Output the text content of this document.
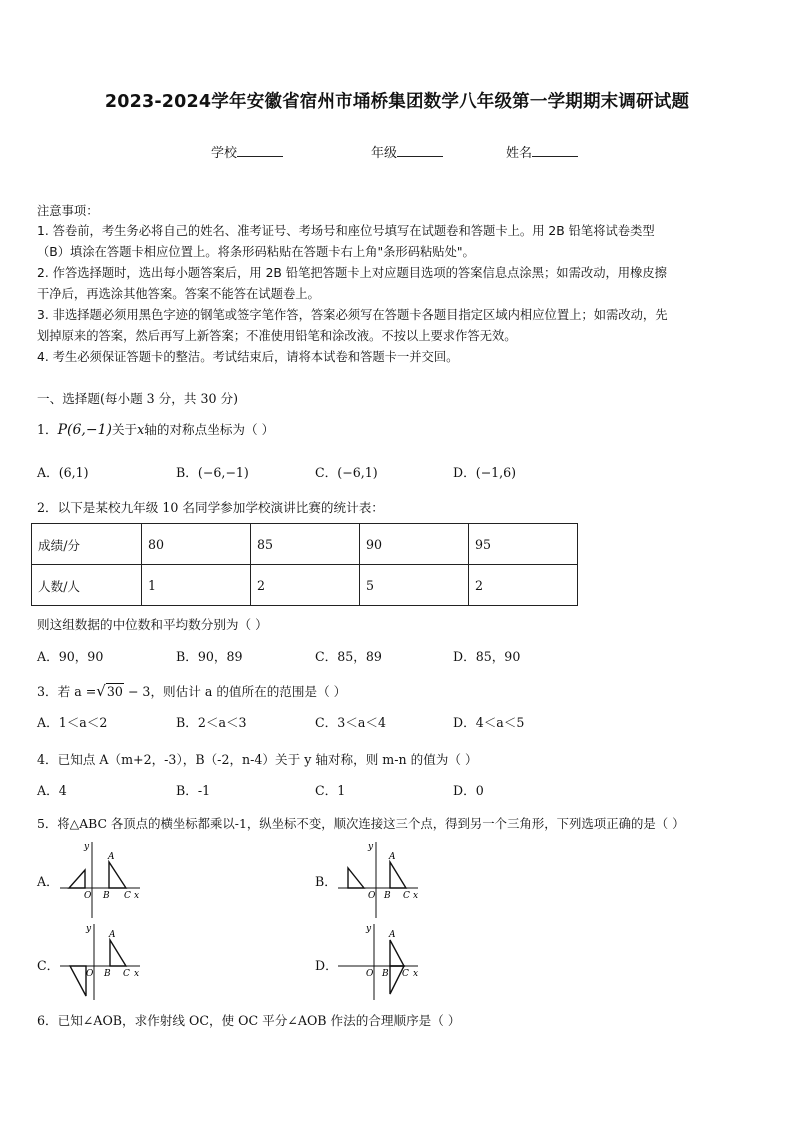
2023-2024学年安徽省宿州市埇桥集团数学八年级第一学期期末调研试题
学校	年级	姓名
注意事项：
1. 答卷前，考生务必将自己的姓名、准考证号、考场号和座位号填写在试题卷和答题卡上。用 2B 铅笔将试卷类型
（B）填涂在答题卡相应位置上。将条形码粘贴在答题卡右上角"条形码粘贴处"。
2. 作答选择题时，选出每小题答案后，用 2B 铅笔把答题卡上对应题目选项的答案信息点涂黑；如需改动，用橡皮擦
干净后，再选涂其他答案。答案不能答在试题卷上。
3. 非选择题必须用黑色字迹的钢笔或签字笔作答，答案必须写在答题卡各题目指定区域内相应位置上；如需改动，先
划掉原来的答案，然后再写上新答案；不准使用铅笔和涂改液。不按以上要求作答无效。
4. 考生必须保证答题卡的整洁。考试结束后，请将本试卷和答题卡一并交回。
一、选择题(每小题 3 分，共 30 分)
1．P(6,−1)关于x轴的对称点坐标为（ ）
A．(6,1)	B．(−6,−1)	C．(−6,1)	D．(−1,6)
2．以下是某校九年级 10 名同学参加学校演讲比赛的统计表：
成绩/分	80	85	90	95
人数/人	1	2	5	2
则这组数据的中位数和平均数分别为（ ）
A．90，90	B．90，89	C．85，89	D．85，90
3．若 a =√30 − 3，则估计 a 的值所在的范围是（ ）
A．1＜a＜2	B．2＜a＜3	C．3＜a＜4	D．4＜a＜5
4．已知点 A（m+2，-3），B（-2，n-4）关于 y 轴对称，则 m-n 的值为（ ）
A．4	B．-1	C．1	D．0
5．将△ABC 各顶点的横坐标都乘以-1，纵坐标不变，顺次连接这三个点，得到另一个三角形，下列选项正确的是（ ）
A．
y
O
A
B C x
B．
y
O
A
B C x
C．
y
O
A
B C x
D．
y
O
A
B C x
6．已知∠AOB，求作射线 OC，使 OC 平分∠AOB 作法的合理顺序是（ ）
